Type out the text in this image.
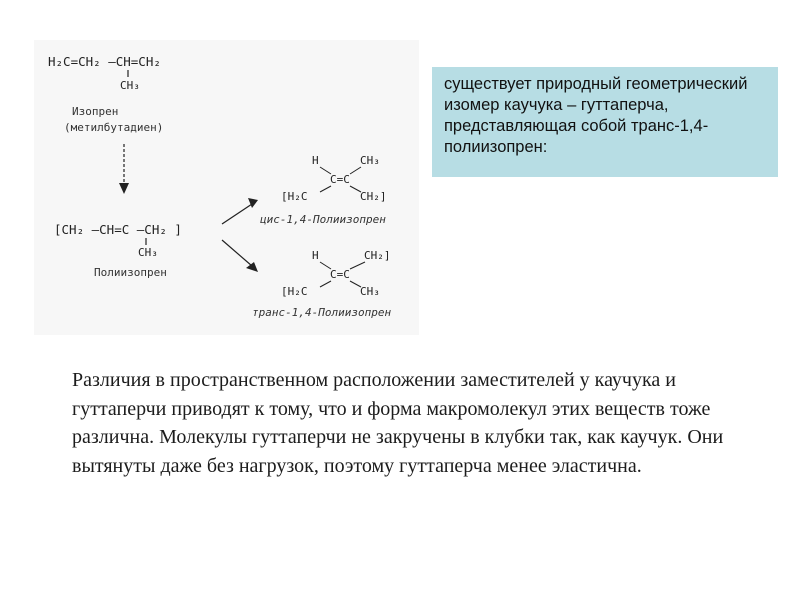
H₂C=CH₂ —CH=CH₂
CH₃
Изопрен
(метилбутадиен)
[CH₂ —CH=C —CH₂ ]
CH₃
Полиизопрен
H	CH₃
C=C
[H₂C	CH₂]
цис-1,4-Полиизопрен
H	CH₂]
C=C
[H₂C	CH₃
транс-1,4-Полиизопрен
существует природный геометрический изомер каучука – гуттаперча, представляющая собой транс-1,4-полиизопрен:
Различия в пространственном расположении заместителей у каучука и гуттаперчи приводят к тому, что и форма макромолекул этих веществ тоже различна. Молекулы гуттаперчи не закручены в клубки так, как каучук. Они вытянуты даже без нагрузок, поэтому гуттаперча менее эластична.
